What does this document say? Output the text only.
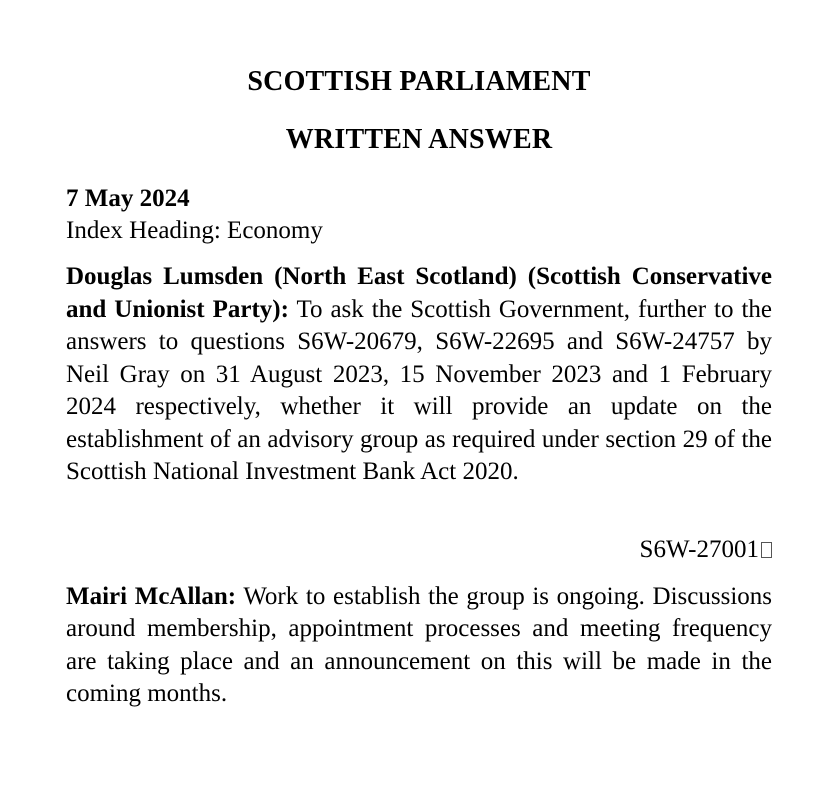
SCOTTISH PARLIAMENT
WRITTEN ANSWER
7 May 2024
Index Heading: Economy

Douglas Lumsden (North East Scotland) (Scottish Conservative and Unionist Party): To ask the Scottish Government, further to the answers to questions S6W-20679, S6W-22695 and S6W-24757 by Neil Gray on 31 August 2023, 15 November 2023 and 1 February 2024 respectively, whether it will provide an update on the establishment of an advisory group as required under section 29 of the Scottish National Investment Bank Act 2020.

S6W-27001

Mairi McAllan: Work to establish the group is ongoing. Discussions around membership, appointment processes and meeting frequency are taking place and an announcement on this will be made in the coming months.
